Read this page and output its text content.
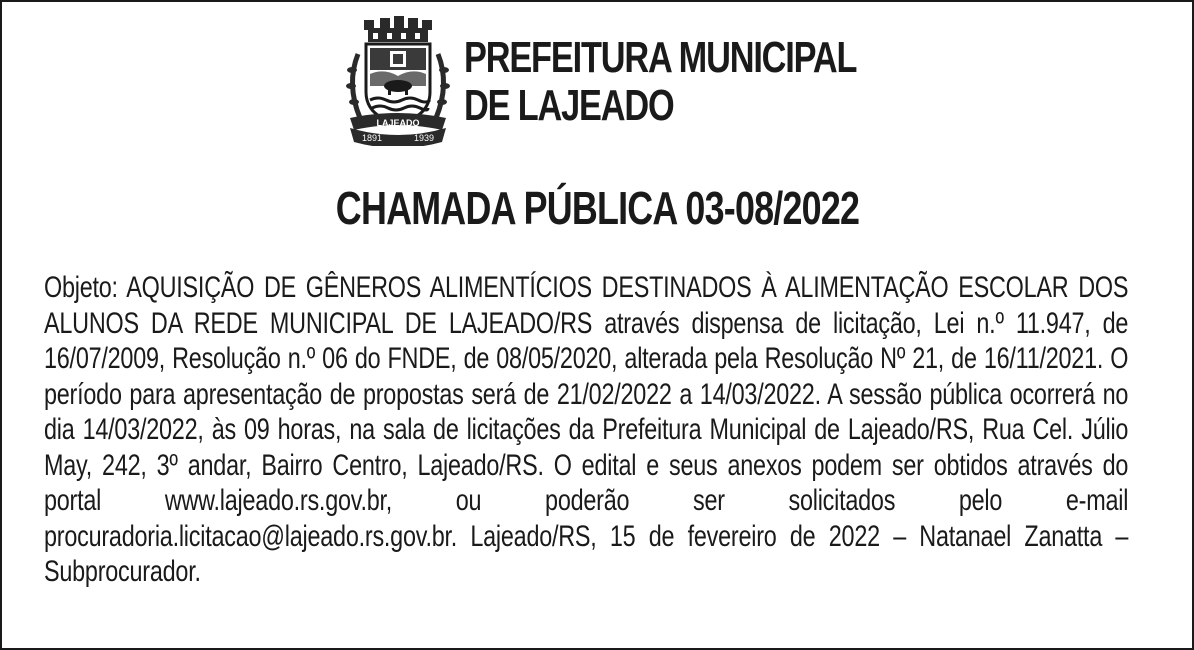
LAJEADO
1891	1939
PREFEITURA MUNICIPAL
DE LAJEADO
CHAMADA PÚBLICA 03-08/2022
Objeto: AQUISIÇÃO DE GÊNEROS ALIMENTÍCIOS DESTINADOS À ALIMENTAÇÃO ESCOLAR DOS ALUNOS DA REDE MUNICIPAL DE LAJEADO/RS através dispensa de licitação, Lei n.º 11.947, de 16/07/2009, Resolução n.º 06 do FNDE, de 08/05/2020, alterada pela Resolução Nº 21, de 16/11/2021. O período para apresentação de propostas será de 21/02/2022 a 14/03/2022. A sessão pública ocorrerá no dia 14/03/2022, às 09 horas, na sala de licitações da Prefeitura Municipal de Lajeado/RS, Rua Cel. Júlio May, 242, 3º andar, Bairro Centro, Lajeado/RS. O edital e seus anexos podem ser obtidos através do portal www.lajeado.rs.gov.br, ou poderão ser solicitados pelo e-mail procuradoria.licitacao@lajeado.rs.gov.br. Lajeado/RS, 15 de fevereiro de 2022 – Natanael Zanatta – Subprocurador.
